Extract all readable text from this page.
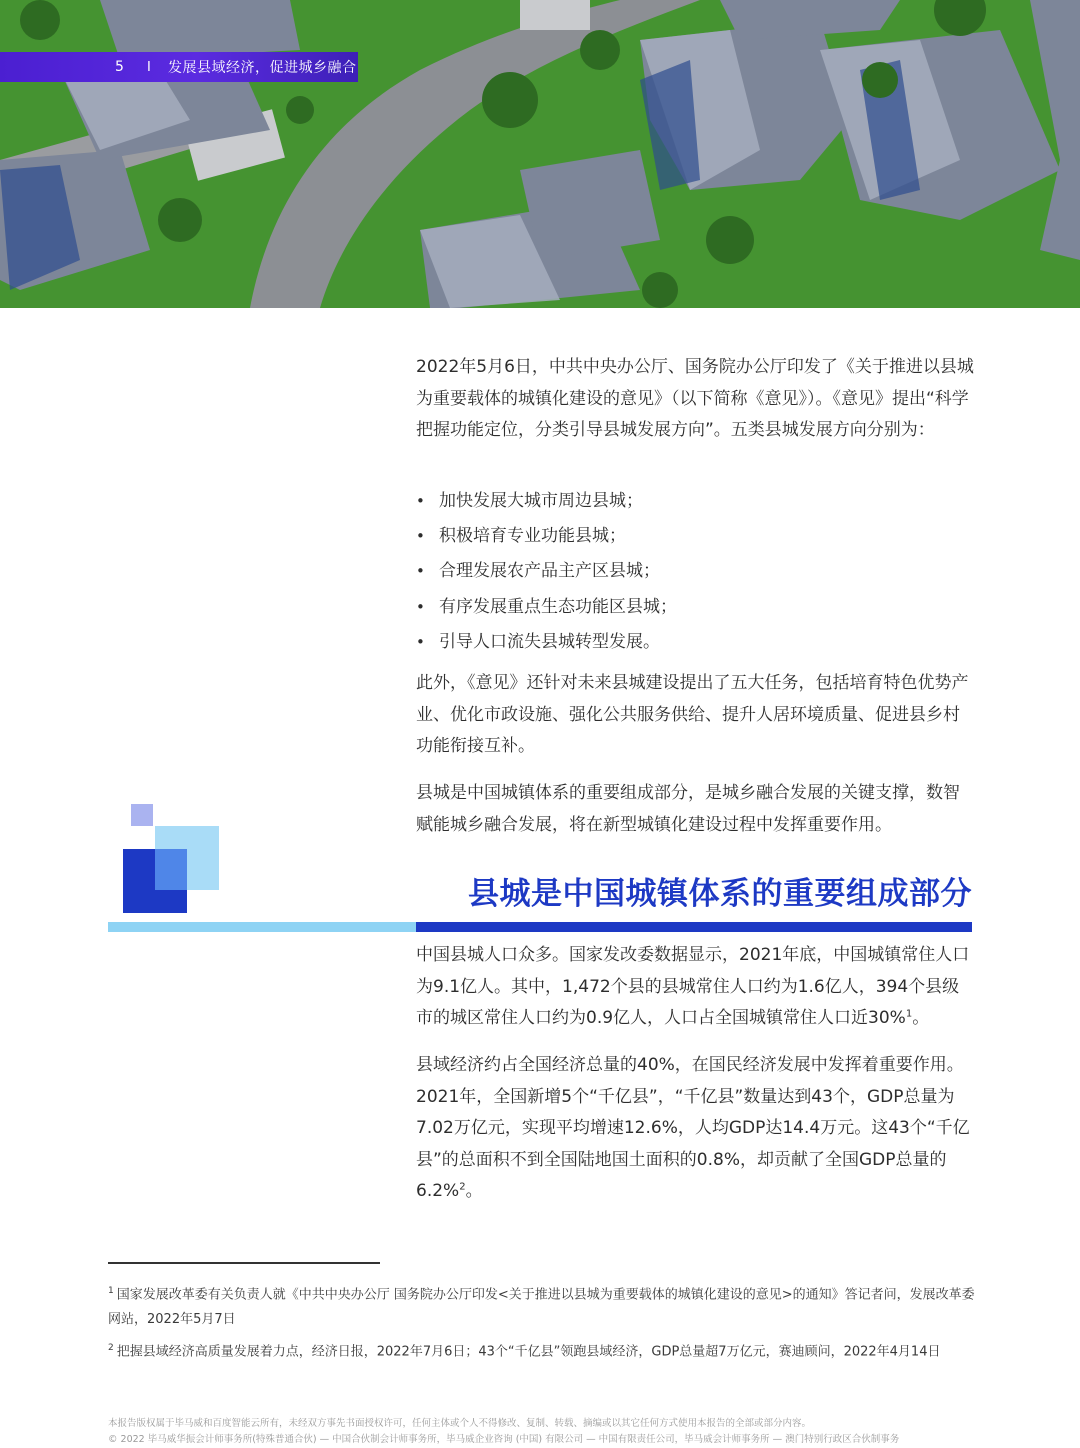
5	I 发展县域经济，促进城乡融合

2022年5月6日，中共中央办公厅、国务院办公厅印发了《关于推进以县城为重要载体的城镇化建设的意见》（以下简称《意见》）。《意见》提出“科学把握功能定位，分类引导县城发展方向”。五类县城发展方向分别为：

• 加快发展大城市周边县城；
• 积极培育专业功能县城；
• 合理发展农产品主产区县城；
• 有序发展重点生态功能区县城；
• 引导人口流失县城转型发展。

此外，《意见》还针对未来县城建设提出了五大任务，包括培育特色优势产业、优化市政设施、强化公共服务供给、提升人居环境质量、促进县乡村功能衔接互补。

县城是中国城镇体系的重要组成部分，是城乡融合发展的关键支撑，数智赋能城乡融合发展，将在新型城镇化建设过程中发挥重要作用。

县城是中国城镇体系的重要组成部分

中国县城人口众多。国家发改委数据显示，2021年底，中国城镇常住人口为9.1亿人。其中，1,472个县的县城常住人口约为1.6亿人，394个县级市的城区常住人口约为0.9亿人，人口占全国城镇常住人口近30%$^1$。

县域经济约占全国经济总量的40%，在国民经济发展中发挥着重要作用。2021年，全国新增5个“千亿县”，“千亿县”数量达到43个，GDP总量为7.02万亿元，实现平均增速12.6%，人均GDP达14.4万元。这43个“千亿县”的总面积不到全国陆地国土面积的0.8%，却贡献了全国GDP总量的6.2%$^2$。

$^1$ 国家发展改革委有关负责人就《中共中央办公厅 国务院办公厅印发<关于推进以县城为重要载体的城镇化建设的意见>的通知》答记者问，发展改革委网站，2022年5月7日
$^2$ 把握县域经济高质量发展着力点，经济日报，2022年7月6日；43个“千亿县”领跑县域经济，GDP总量超7万亿元，赛迪顾问，2022年4月14日
本报告版权属于毕马威和百度智能云所有，未经双方事先书面授权许可，任何主体或个人不得修改、复制、转载、摘编或以其它任何方式使用本报告的全部或部分内容。
© 2022 毕马威华振会计师事务所(特殊普通合伙) — 中国合伙制会计师事务所，毕马威企业咨询 (中国) 有限公司 — 中国有限责任公司，毕马威会计师事务所 — 澳门特别行政区合伙制事务
